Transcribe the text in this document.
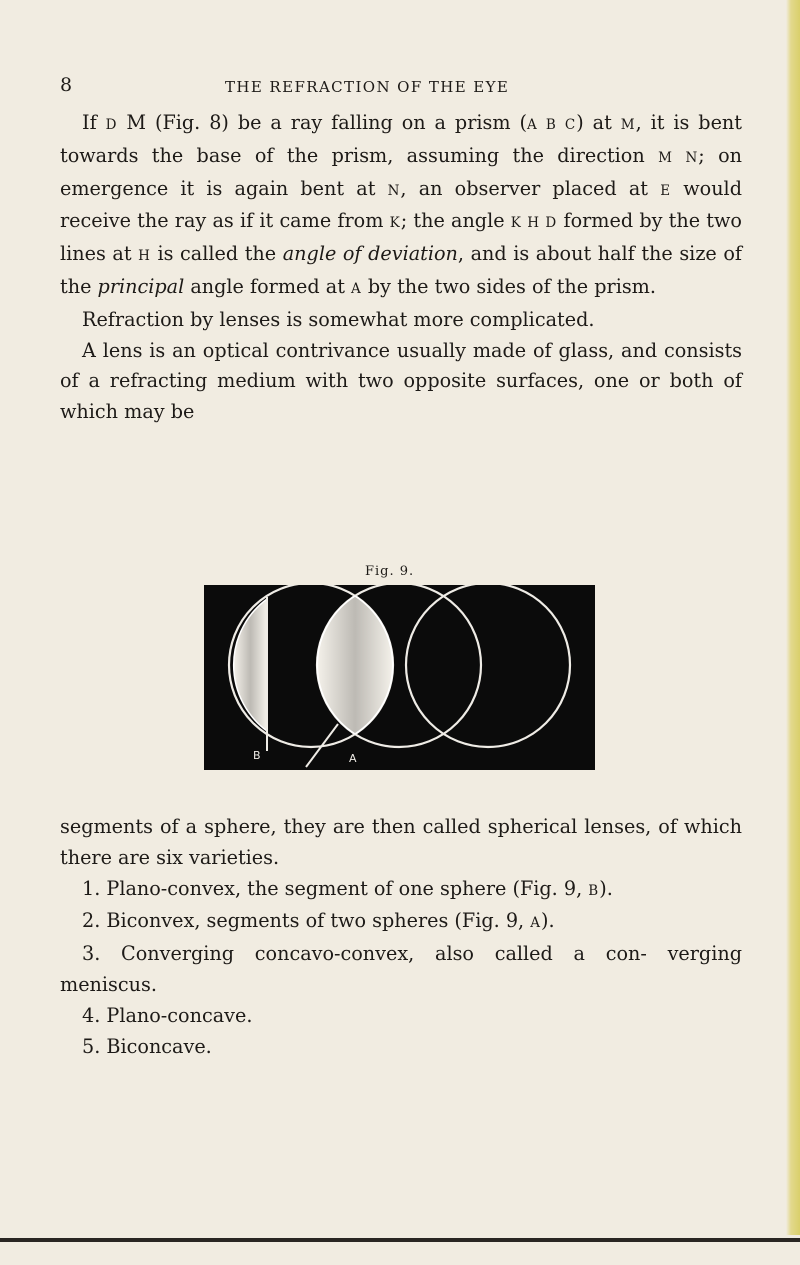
8	THE REFRACTION OF THE EYE

If D M (Fig. 8) be a ray falling on a prism (A B C) at M, it is bent towards the base of the prism, assuming the direction M N; on emergence it is again bent at N, an observer placed at E would receive the ray as if it came from K; the angle K H D formed by the two lines at H is called the angle of deviation, and is about half the size of the principal angle formed at A by the two sides of the prism.

Refraction by lenses is somewhat more complicated.

A lens is an optical contrivance usually made of glass, and consists of a refracting medium with two opposite surfaces, one or both of which may be

Fig. 9.
B	A

segments of a sphere, they are then called spherical lenses, of which there are six varieties.

1. Plano-convex, the segment of one sphere (Fig. 9, B).

2. Biconvex, segments of two spheres (Fig. 9, A).

3. Converging concavo-convex, also called a con- verging meniscus.

4. Plano-concave.

5. Biconcave.
